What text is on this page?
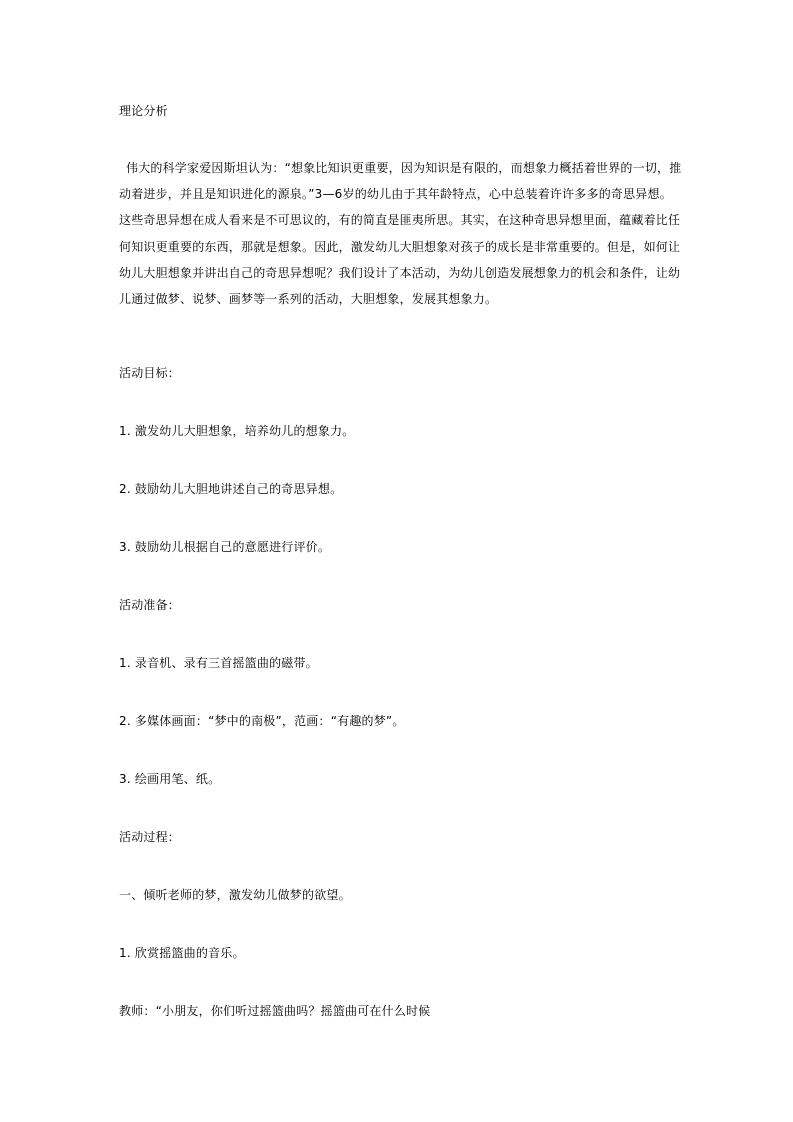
理论分析
伟大的科学家爱因斯坦认为：“想象比知识更重要，因为知识是有限的，而想象力概括着世界的一切，推
动着进步，并且是知识进化的源泉。”3—6岁的幼儿由于其年龄特点，心中总装着许许多多的奇思异想。
这些奇思异想在成人看来是不可思议的，有的简直是匪夷所思。其实，在这种奇思异想里面，蕴藏着比任
何知识更重要的东西，那就是想象。因此，激发幼儿大胆想象对孩子的成长是非常重要的。但是，如何让
幼儿大胆想象并讲出自己的奇思异想呢？我们设计了本活动，为幼儿创造发展想象力的机会和条件，让幼
儿通过做梦、说梦、画梦等一系列的活动，大胆想象，发展其想象力。
活动目标：
1. 激发幼儿大胆想象，培养幼儿的想象力。
2. 鼓励幼儿大胆地讲述自己的奇思异想。
3. 鼓励幼儿根据自己的意愿进行评价。
活动准备：
1. 录音机、录有三首摇篮曲的磁带。
2. 多媒体画面：“梦中的南极”，范画：“有趣的梦”。
3. 绘画用笔、纸。
活动过程：
一、倾听老师的梦，激发幼儿做梦的欲望。
1. 欣赏摇篮曲的音乐。
教师：“小朋友，你们听过摇篮曲吗？摇篮曲可在什么时候
